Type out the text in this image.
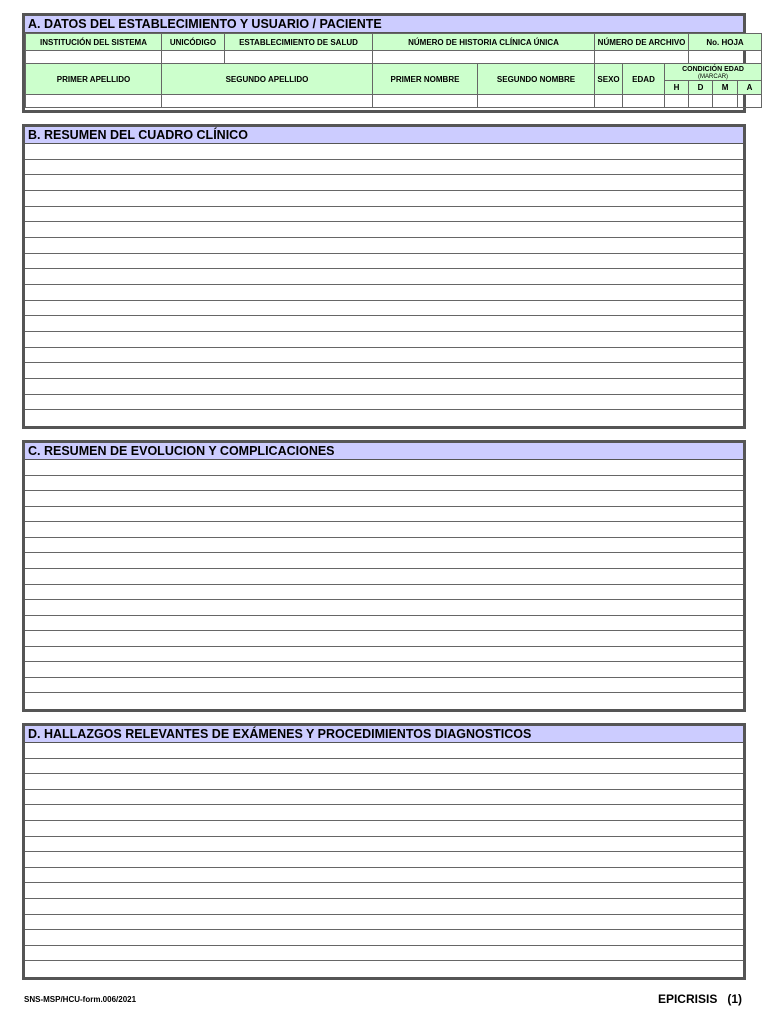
A. DATOS DEL ESTABLECIMIENTO Y USUARIO / PACIENTE
INSTITUCIÓN DEL SISTEMA	UNICÓDIGO	ESTABLECIMIENTO DE SALUD	NÚMERO DE HISTORIA CLÍNICA ÚNICA		NÚMERO DE ARCHIVO			No. HOJA		

PRIMER APELLIDO	SEGUNDO APELLIDO		PRIMER NOMBRE	SEGUNDO NOMBRE	SEXO	EDAD	CONDICIÓN EDAD
(MARCAR)			

							H	D	M	A

B. RESUMEN DEL CUADRO CLÍNICO
C. RESUMEN DE EVOLUCION Y COMPLICACIONES
D. HALLAZGOS RELEVANTES DE EXÁMENES Y PROCEDIMIENTOS DIAGNOSTICOS
SNS-MSP/HCU-form.006/2021	EPICRISIS   (1)
